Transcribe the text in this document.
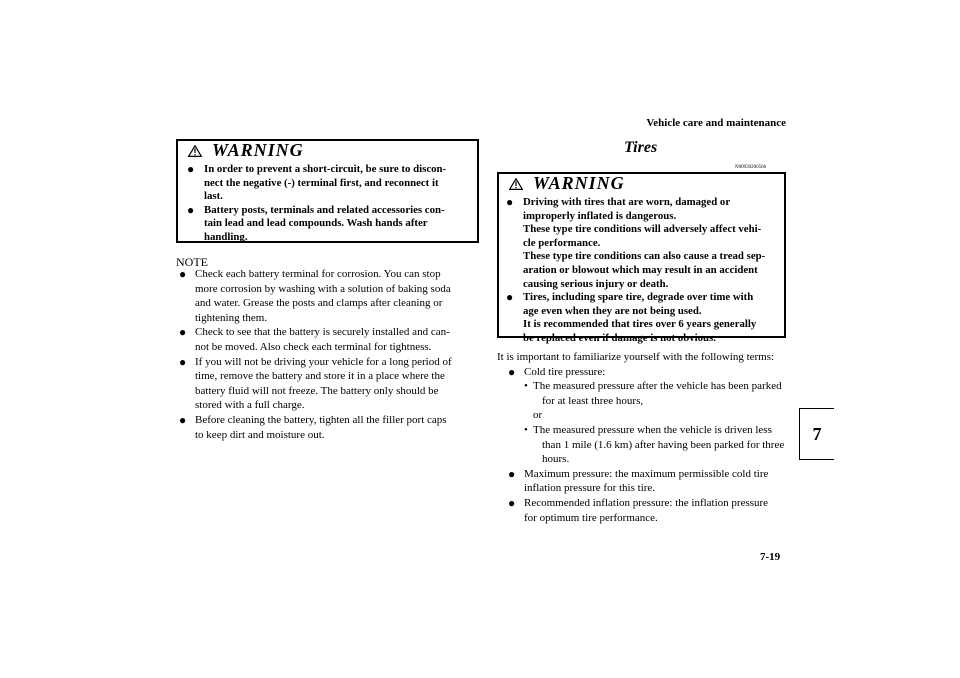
Vehicle care and maintenance
7
7-19
WARNING
● In order to prevent a short-circuit, be sure to discon-
nect the negative (-) terminal first, and reconnect it
last.
● Battery posts, terminals and related accessories con-
tain lead and lead compounds. Wash hands after
handling.
NOTE
● Check each battery terminal for corrosion. You can stop
more corrosion by washing with a solution of baking soda
and water. Grease the posts and clamps after cleaning or
tightening them.
● Check to see that the battery is securely installed and can-
not be moved. Also check each terminal for tightness.
● If you will not be driving your vehicle for a long period of
time, remove the battery and store it in a place where the
battery fluid will not freeze. The battery only should be
stored with a full charge.
● Before cleaning the battery, tighten all the filler port caps
to keep dirt and moisture out.
Tires
N00939200566
WARNING
● Driving with tires that are worn, damaged or
improperly inflated is dangerous.
These type tire conditions will adversely affect vehi-
cle performance.
These type tire conditions can also cause a tread sep-
aration or blowout which may result in an accident
causing serious injury or death.
● Tires, including spare tire, degrade over time with
age even when they are not being used.
It is recommended that tires over 6 years generally
be replaced even if damage is not obvious.
It is important to familiarize yourself with the following terms:
● Cold tire pressure:
• The measured pressure after the vehicle has been parked
for at least three hours,
or
• The measured pressure when the vehicle is driven less
than 1 mile (1.6 km) after having been parked for three
hours.
● Maximum pressure: the maximum permissible cold tire
inflation pressure for this tire.
● Recommended inflation pressure: the inflation pressure
for optimum tire performance.
